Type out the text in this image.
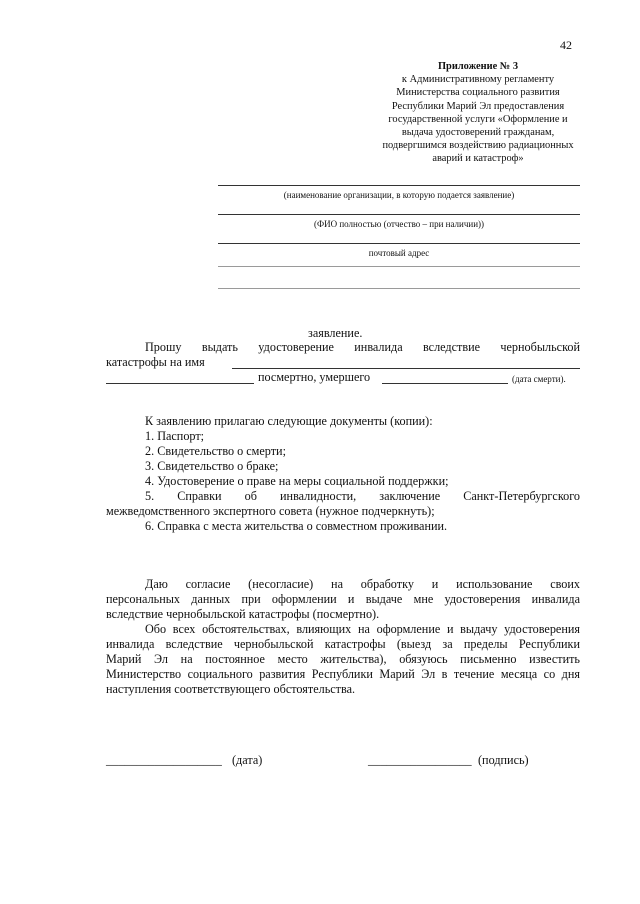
42
Приложение № 3
к Административному регламенту
Министерства социального развития
Республики Марий Эл предоставления
государственной услуги «Оформление и
выдача удостоверений гражданам,
подвергшимся воздействию радиационных
аварий и катастроф»
(наименование организации, в которую подается заявление)
(ФИО полностью (отчество – при наличии))
почтовый адрес
заявление.
Прошу выдать удостоверение инвалида вследствие чернобыльской
катастрофы на имя
посмертно, умершего	(дата смерти).
К заявлению прилагаю следующие документы (копии):
1. Паспорт;
2. Свидетельство о смерти;
3. Свидетельство о браке;
4. Удостоверение о праве на меры социальной поддержки;
5. Справки об инвалидности, заключение Санкт-Петербургского
межведомственного экспертного совета (нужное подчеркнуть);
6. Справка с места жительства о совместном проживании.
Даю согласие (несогласие) на обработку и использование своих
персональных данных при оформлении и выдаче мне удостоверения инвалида
вследствие чернобыльской катастрофы (посмертно).
Обо всех обстоятельствах, влияющих на оформление и выдачу удостоверения
инвалида вследствие чернобыльской катастрофы (выезд за пределы Республики
Марий Эл на постоянное место жительства), обязуюсь письменно известить
Министерство социального развития Республики Марий Эл в течение месяца со дня
наступления соответствующего обстоятельства.
___________________ (дата)	_________________ (подпись)
